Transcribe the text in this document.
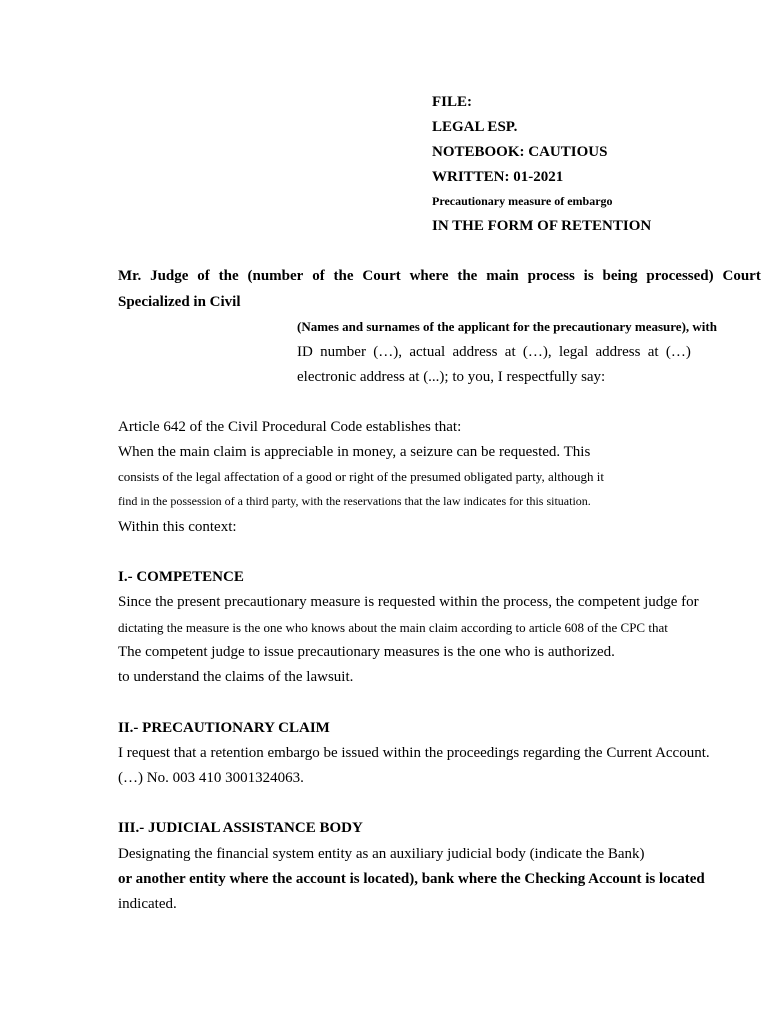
FILE:
LEGAL ESP.
NOTEBOOK: CAUTIOUS
WRITTEN: 01-2021
Precautionary measure of embargo
IN THE FORM OF RETENTION
Mr. Judge of the (number of the Court where the main process is being processed) Court
Specialized in Civil
(Names and surnames of the applicant for the precautionary measure), with
ID number (…), actual address at (…), legal address at (…)
electronic address at (...); to you, I respectfully say:
Article 642 of the Civil Procedural Code establishes that:
When the main claim is appreciable in money, a seizure can be requested. This
consists of the legal affectation of a good or right of the presumed obligated party, although it
find in the possession of a third party, with the reservations that the law indicates for this situation.
Within this context:
I.- COMPETENCE
Since the present precautionary measure is requested within the process, the competent judge for
dictating the measure is the one who knows about the main claim according to article 608 of the CPC that
The competent judge to issue precautionary measures is the one who is authorized.
to understand the claims of the lawsuit.
II.- PRECAUTIONARY CLAIM
I request that a retention embargo be issued within the proceedings regarding the Current Account.
(…) No. 003 410 3001324063.
III.- JUDICIAL ASSISTANCE BODY
Designating the financial system entity as an auxiliary judicial body (indicate the Bank)
or another entity where the account is located), bank where the Checking Account is located
indicated.
